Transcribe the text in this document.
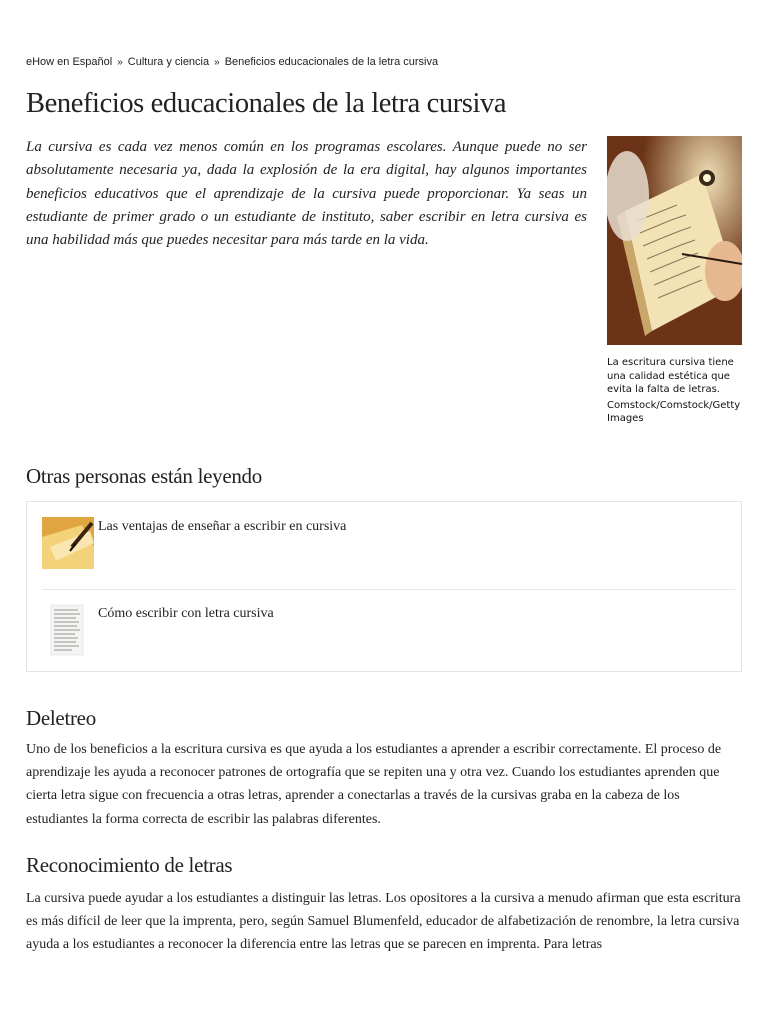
eHow en Español » Cultura y ciencia » Beneficios educacionales de la letra cursiva
Beneficios educacionales de la letra cursiva

La cursiva es cada vez menos común en los programas escolares. Aunque puede no ser absolutamente necesaria ya, dada la explosión de la era digital, hay algunos importantes beneficios educativos que el aprendizaje de la cursiva puede proporcionar. Ya seas un estudiante de primer grado o un estudiante de instituto, saber escribir en letra cursiva es una habilidad más que puedes necesitar para más tarde en la vida.

La escritura cursiva tiene una calidad estética que evita la falta de letras.
Comstock/Comstock/Getty Images
Otras personas están leyendo
Las ventajas de enseñar a escribir en cursiva
Cómo escribir con letra cursiva
Deletreo

Uno de los beneficios a la escritura cursiva es que ayuda a los estudiantes a aprender a escribir correctamente. El proceso de aprendizaje les ayuda a reconocer patrones de ortografía que se repiten una y otra vez. Cuando los estudiantes aprenden que cierta letra sigue con frecuencia a otras letras, aprender a conectarlas a través de la cursivas graba en la cabeza de los estudiantes la forma correcta de escribir las palabras diferentes.

Reconocimiento de letras

La cursiva puede ayudar a los estudiantes a distinguir las letras. Los opositores a la cursiva a menudo afirman que esta escritura es más difícil de leer que la imprenta, pero, según Samuel Blumenfeld, educador de alfabetización de renombre, la letra cursiva ayuda a los estudiantes a reconocer la diferencia entre las letras que se parecen en imprenta. Para letras
